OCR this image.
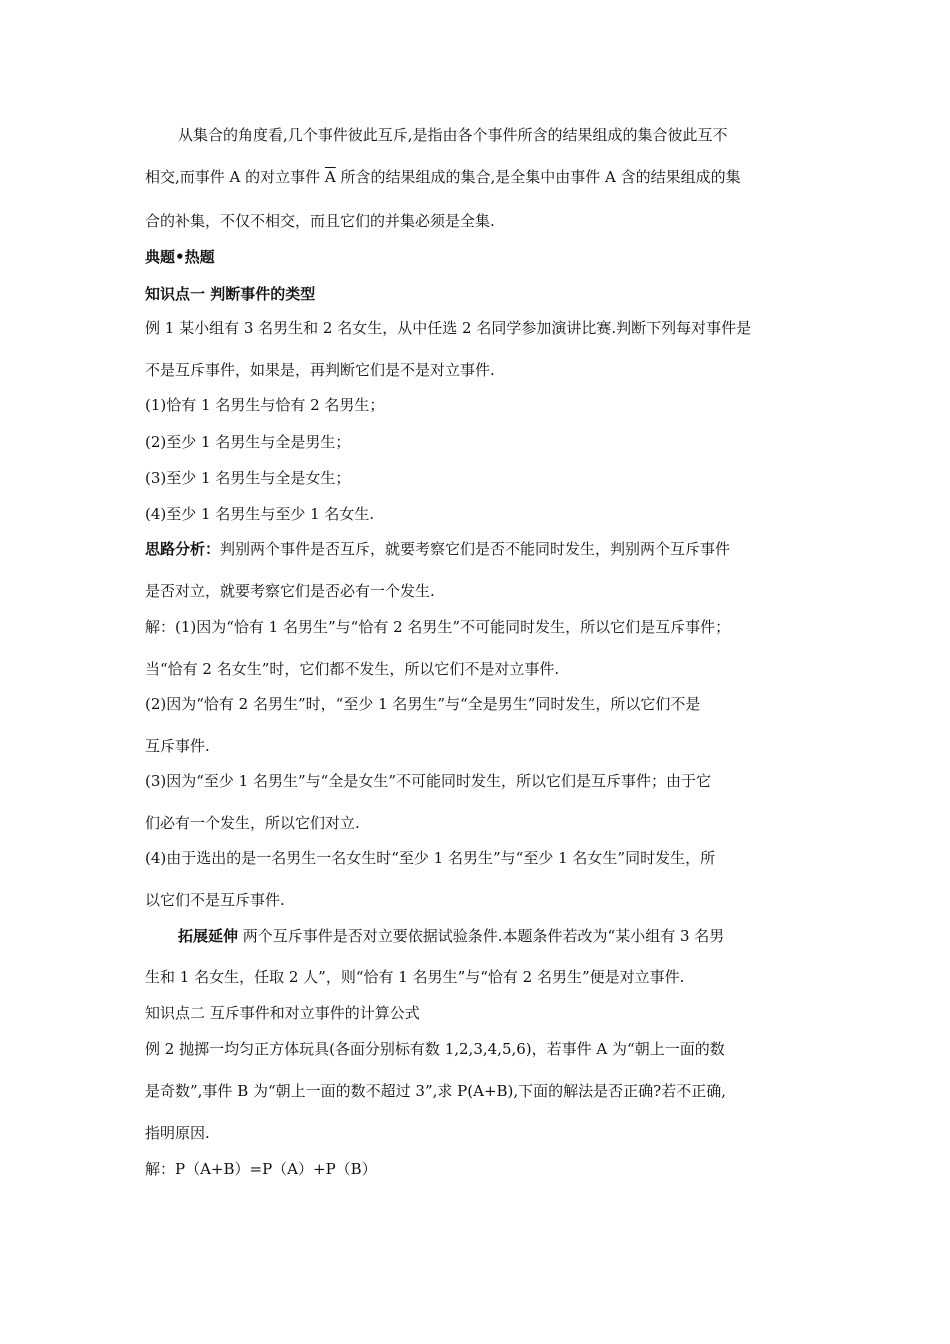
从集合的角度看,几个事件彼此互斥,是指由各个事件所含的结果组成的集合彼此互不
相交,而事件 A 的对立事件 $\overline{A}$ 所含的结果组成的集合,是全集中由事件 A 含的结果组成的集
合的补集，不仅不相交，而且它们的并集必须是全集.
典题•热题
知识点一 判断事件的类型
例 1 某小组有 3 名男生和 2 名女生，从中任选 2 名同学参加演讲比赛.判断下列每对事件是
不是互斥事件，如果是，再判断它们是不是对立事件.
(1)恰有 1 名男生与恰有 2 名男生；
(2)至少 1 名男生与全是男生；
(3)至少 1 名男生与全是女生；
(4)至少 1 名男生与至少 1 名女生.
思路分析：判别两个事件是否互斥，就要考察它们是否不能同时发生，判别两个互斥事件
是否对立，就要考察它们是否必有一个发生.
解：(1)因为“恰有 1 名男生”与“恰有 2 名男生”不可能同时发生，所以它们是互斥事件；
当“恰有 2 名女生”时，它们都不发生，所以它们不是对立事件.
(2)因为“恰有 2 名男生”时，“至少 1 名男生”与“全是男生”同时发生，所以它们不是
互斥事件.
(3)因为“至少 1 名男生”与“全是女生”不可能同时发生，所以它们是互斥事件；由于它
们必有一个发生，所以它们对立.
(4)由于选出的是一名男生一名女生时“至少 1 名男生”与“至少 1 名女生”同时发生，所
以它们不是互斥事件.
拓展延伸 两个互斥事件是否对立要依据试验条件.本题条件若改为“某小组有 3 名男
生和 1 名女生，任取 2 人”，则“恰有 1 名男生”与“恰有 2 名男生”便是对立事件.
知识点二 互斥事件和对立事件的计算公式
例 2 抛掷一均匀正方体玩具(各面分别标有数 1,2,3,4,5,6)，若事件 A 为“朝上一面的数
是奇数”,事件 B 为“朝上一面的数不超过 3”,求 P(A+B),下面的解法是否正确?若不正确,
指明原因.
解：P（A+B）=P（A）+P（B）
